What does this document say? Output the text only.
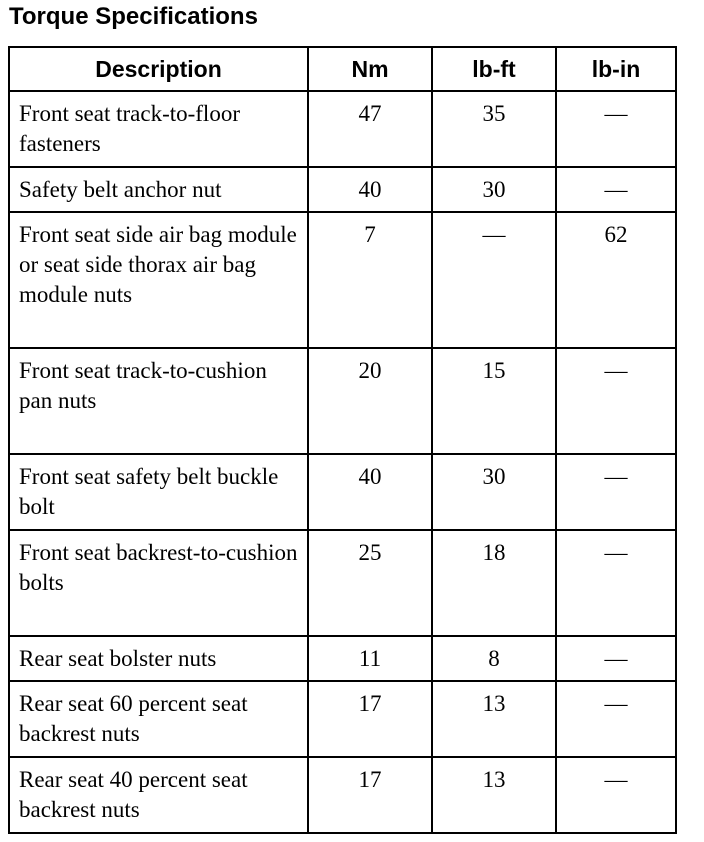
Torque Specifications
Description	Nm	lb-ft	lb-in
Front seat track-to-floor fasteners	47	35	—
Safety belt anchor nut	40	30	—
Front seat side air bag module or seat side thorax air bag module nuts	7	—	62
Front seat track-to-cushion pan nuts	20	15	—
Front seat safety belt buckle bolt	40	30	—
Front seat backrest-to-cushion bolts	25	18	—
Rear seat bolster nuts	11	8	—
Rear seat 60 percent seat backrest nuts	17	13	—
Rear seat 40 percent seat backrest nuts	17	13	—
